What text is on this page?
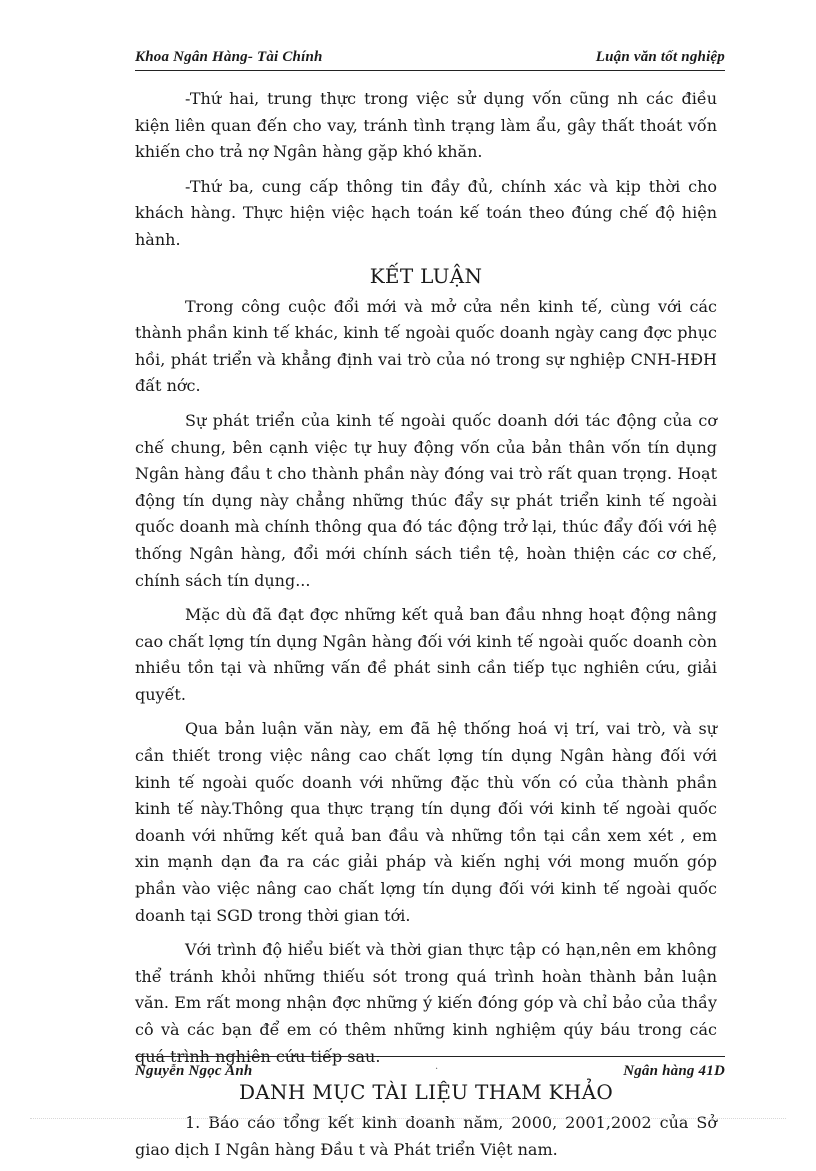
Khoa Ngân Hàng- Tài Chính	Luận văn tốt nghiệp

-Thứ hai, trung thực trong việc sử dụng vốn cũng nh các điều kiện liên quan đến cho vay, tránh tình trạng làm ẩu, gây thất thoát vốn khiến cho trả nợ Ngân hàng gặp khó khăn.

-Thứ ba, cung cấp thông tin đầy đủ, chính xác và kịp thời cho khách hàng. Thực hiện việc hạch toán kế toán theo đúng chế độ hiện hành.

KẾT LUẬN

Trong công cuộc đổi mới và mở cửa nền kinh tế, cùng với các thành phần kinh tế khác, kinh tế ngoài quốc doanh ngày cang đợc phục hồi, phát triển và khẳng định vai trò của nó trong sự nghiệp CNH-HĐH đất nớc.

Sự phát triển của kinh tế ngoài quốc doanh dới tác động của cơ chế chung, bên cạnh việc tự huy động vốn của bản thân vốn tín dụng Ngân hàng đầu t cho thành phần này đóng vai trò rất quan trọng. Hoạt động tín dụng này chẳng những thúc đẩy sự phát triển kinh tế ngoài quốc doanh mà chính thông qua đó tác động trở lại, thúc đẩy đối với hệ thống Ngân hàng, đổi mới chính sách tiền tệ, hoàn thiện các cơ chế, chính sách tín dụng...

Mặc dù đã đạt đợc những kết quả ban đầu nhng hoạt động nâng cao chất lợng tín dụng Ngân hàng đối với kinh tế ngoài quốc doanh còn nhiều tồn tại và những vấn đề phát sinh cần tiếp tục nghiên cứu, giải quyết.

Qua bản luận văn này, em đã hệ thống hoá vị trí, vai trò, và sự cần thiết trong việc nâng cao chất lợng tín dụng Ngân hàng đối với kinh tế ngoài quốc doanh với những đặc thù vốn có của thành phần kinh tế này.Thông qua thực trạng tín dụng đối với kinh tế ngoài quốc doanh với những kết quả ban đầu và những tồn tại cần xem xét , em xin mạnh dạn đa ra các giải pháp và kiến nghị với mong muốn góp phần vào việc nâng cao chất lợng tín dụng đối với kinh tế ngoài quốc doanh tại SGD trong thời gian tới.

Với trình độ hiểu biết và thời gian thực tập có hạn,nên em không thể tránh khỏi những thiếu sót trong quá trình hoàn thành bản luận văn. Em rất mong nhận đợc những ý kiến đóng góp và chỉ bảo của thầy cô và các bạn để em có thêm những kinh nghiệm qúy báu trong các quá trình nghiên cứu tiếp sau.

DANH MỤC TÀI LIỆU THAM KHẢO

1. Báo cáo tổng kết kinh doanh năm, 2000, 2001,2002 của Sở giao dịch I Ngân hàng Đầu t và Phát triển Việt nam.

Nguyễn Ngọc Anh	.	Ngân hàng 41D
